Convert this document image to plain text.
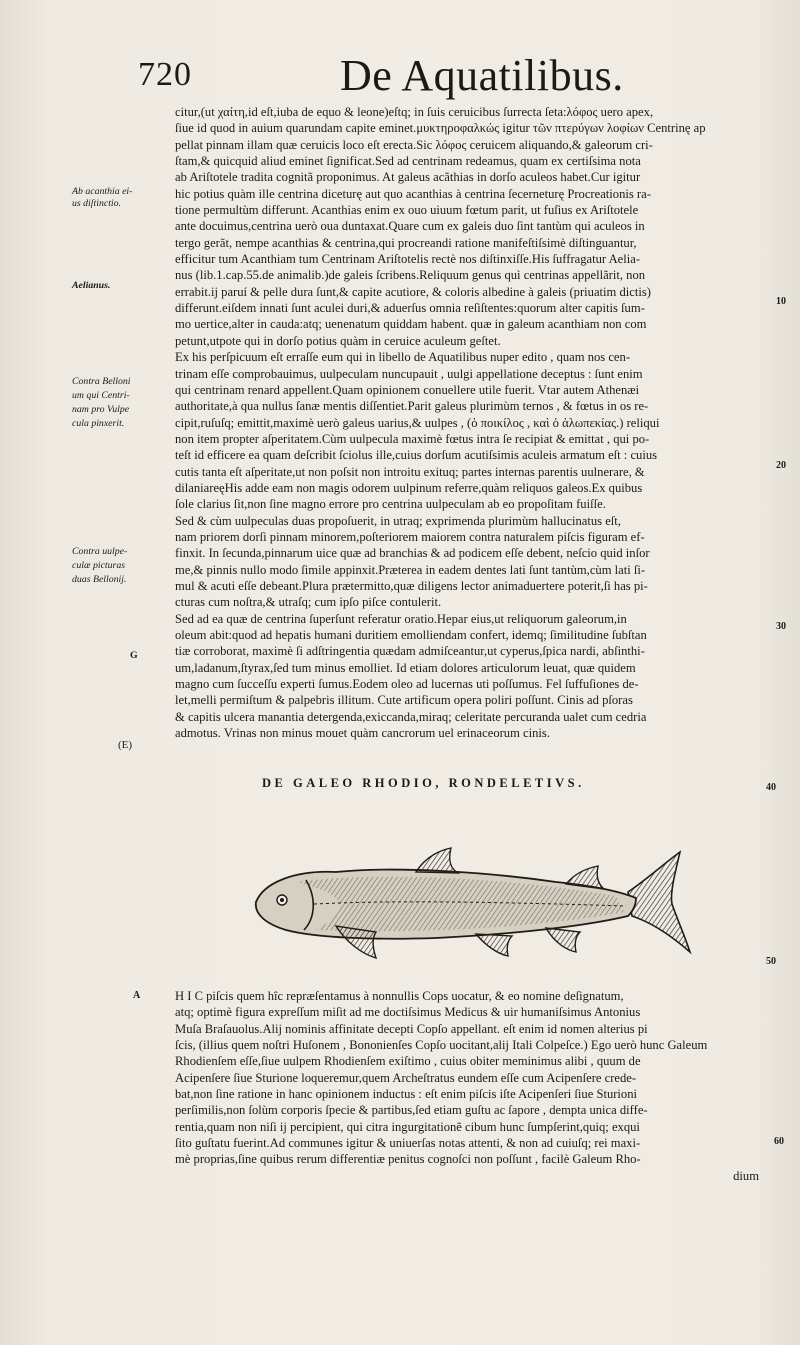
720	De Aquatilibus.
citur,(ut χαίτη,id eſt,iuba de equo & leone)eſtq; in ſuis ceruicibus ſurrecta ſeta:λόφος uero apex,
ſiue id quod in auium quarundam capite eminet.μυκτηροφαλκώς igitur τῶν πτερύγων λοφίων Centrinę ap
pellat pinnam illam quæ ceruicis loco eſt erecta.Sic λόφος ceruicem aliquando,& galeorum cri-
ſtam,& quicquid aliud eminet ſignificat.Sed ad centrinam redeamus, quam ex certiſsima nota
ab Ariſtotele tradita cognitã proponimus. At galeus acãthias in dorſo aculeos habet.Cur igitur
hic potius quàm ille centrina diceturę aut quo acanthias à centrina ſecerneturę Procreationis ra-
tione permultùm differunt. Acanthias enim ex ouo uiuum fœtum parit, ut fuſius ex Ariſtotele
ante docuimus,centrina uerò oua duntaxat.Quare cum ex galeis duo ſint tantùm qui aculeos in
tergo gerãt, nempe acanthias & centrina,qui procreandi ratione manifeſtiſsimè diſtinguantur,
efficitur tum Acanthiam tum Centrinam Ariſtotelis rectè nos diſtinxiſſe.His ſuffragatur Aelia-
nus (lib.1.cap.55.de animalib.)de galeis ſcribens.Reliquum genus quì centrinas appellãrit, non
errabit.ij paruí & pelle dura ſunt,& capite acutiore, & coloris albedine à galeis (priuatim dictis)
differunt.eiſdem innati ſunt aculei duri,& aduerſus omnia reſiſtentes:quorum alter capitis ſum-
mo uertice,alter in cauda:atq; uenenatum quiddam habent. quæ in galeum acanthiam non com
petunt,utpote qui in dorſo potius quàm in ceruice aculeum geſtet.
Ex his perſpicuum eſt erraſſe eum qui in libello de Aquatilibus nuper edito , quam nos cen-
trinam eſſe comprobauimus, uulpeculam nuncupauit , uulgi appellatione deceptus : ſunt enim
qui centrinam renard appellent.Quam opinionem conuellere utile fuerit. Vtar autem Athenæi
authoritate,à qua nullus ſanæ mentis diſſentiet.Parit galeus plurimùm ternos , & fœtus in os re-
cipit,ruſuſq; emittit,maximè uerò galeus uarius,& uulpes , (ὁ ποικίλος , καὶ ὁ ἀλωπεκίας.) reliqui
non item propter aſperitatem.Cùm uulpecula maximè fœtus intra ſe recipiat & emittat , qui po-
teſt id efficere ea quam deſcribit ſciolus ille,cuius dorſum acutiſsimis aculeis armatum eſt : cuius
cutis tanta eſt aſperitate,ut non poſsit non introitu exituq; partes internas parentis uulnerare, &
dilaniareęHis adde eam non magis odorem uulpinum referre,quàm reliquos galeos.Ex quibus
ſole clarius ſit,non ſine magno errore pro centrina uulpeculam ab eo propoſitam fuiſſe.
Sed & cùm uulpeculas duas propoſuerit, in utraq; exprimenda plurimùm hallucinatus eſt,
nam priorem dorſi pinnam minorem,poſteriorem maiorem contra naturalem piſcis figuram ef-
finxit. In ſecunda,pinnarum uice quæ ad branchias & ad podicem eſſe debent, neſcio quid inſor
me,& pinnis nullo modo ſimile appinxit.Præterea in eadem dentes lati ſunt tantùm,cùm lati ſi-
mul & acuti eſſe debeant.Plura prætermitto,quæ diligens lector animaduertere poterit,ſi has pi-
cturas cum noſtra,& utraſq; cum ipſo piſce contulerit.
Sed ad ea quæ de centrina ſuperſunt referatur oratio.Hepar eius,ut reliquorum galeorum,in
oleum abit:quod ad hepatis humani duritiem emolliendam confert, idemq; ſimilitudine ſubſtan
tiæ corroborat, maximè ſi adſtringentia quædam admiſceantur,ut cyperus,ſpica nardi, abſinthi-
um,ladanum,ſtyrax,ſed tum minus emolliet. Id etiam dolores articulorum leuat, quæ quidem
magno cum ſucceſſu experti ſumus.Eodem oleo ad lucernas uti poſſumus. Fel ſuffuſiones de-
let,melli permiſtum & palpebris illitum. Cute artificum opera poliri poſſunt. Cinis ad pſoras
& capitis ulcera manantia detergenda,exiccanda,miraq; celeritate percuranda ualet cum cedria
admotus. Vrinas non minus mouet quàm cancrorum uel erinaceorum cinis.
Ab acanthia ei-
us diſtinctio.
Aelianus.
Contra Belloni
um qui Centri-
nam pro Vulpe
cula pinxerit.
Contra uulpe-
culæ picturas
duas Bellonij.
G
(E)
10
20
30
40
50
60
DE GALEO RHODIO, RONDELETIVS.
A	H I C piſcis quem hîc repræſentamus à nonnullis Cops uocatur, & eo nomine deſignatum,
atq; optimè figura expreſſum miſit ad me doctiſsimus Medicus & uir humaniſsimus Antonius
Muſa Braſauolus.Alij nominis affinitate decepti Copſo appellant. eſt enim id nomen alterius pi
ſcis, (illius quem noſtri Huſonem , Bononienſes Copſo uocitant,alij Itali Colpeſce.) Ego uerò hunc Galeum
Rhodienſem eſſe,ſiue uulpem Rhodienſem exiſtimo , cuius obiter meminimus alibi , quum de
Acipenſere ſiue Sturione loqueremur,quem Archeſtratus eundem eſſe cum Acipenſere crede-
bat,non ſine ratione in hanc opinionem inductus : eſt enim piſcis iſte Acipenſeri ſiue Sturioni
perſimilis,non ſolùm corporis ſpecie & partibus,ſed etiam guſtu ac ſapore , dempta unica diffe-
rentia,quam non niſi ij percipient, qui citra ingurgitationẽ cibum hunc ſumpſerint,quiq; exqui
ſito guſtatu fuerint.Ad communes igitur & uniuerſas notas attenti, & non ad cuiuſq; rei maxi-
mè proprias,ſine quibus rerum differentiæ penitus cognoſci non poſſunt , facilè Galeum Rho-
dium
